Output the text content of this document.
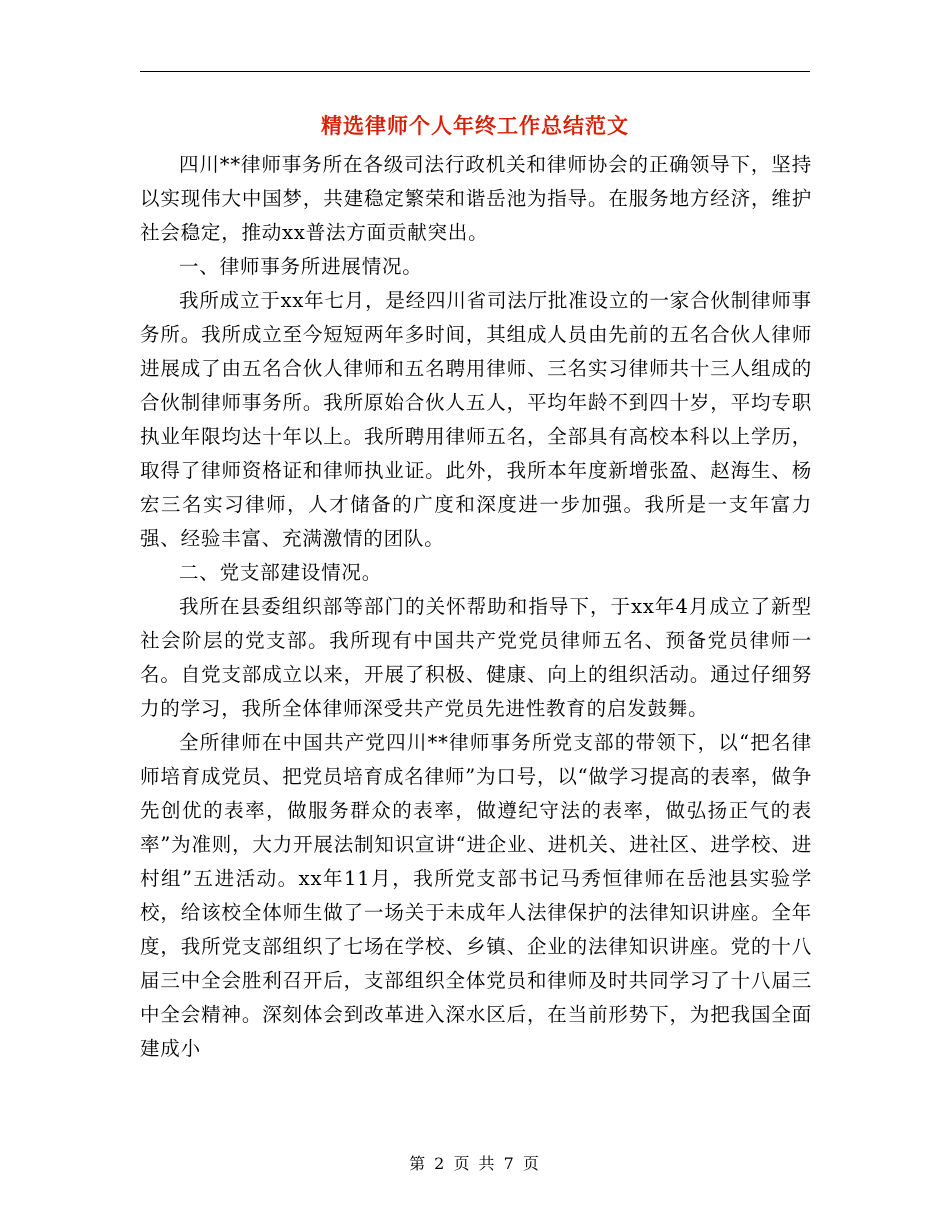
精选律师个人年终工作总结范文

四川**律师事务所在各级司法行政机关和律师协会的正确领导下，坚持以实现伟大中国梦，共建稳定繁荣和谐岳池为指导。在服务地方经济，维护社会稳定，推动xx普法方面贡献突出。

一、律师事务所进展情况。

我所成立于xx年七月，是经四川省司法厅批准设立的一家合伙制律师事务所。我所成立至今短短两年多时间，其组成人员由先前的五名合伙人律师进展成了由五名合伙人律师和五名聘用律师、三名实习律师共十三人组成的合伙制律师事务所。我所原始合伙人五人，平均年龄不到四十岁，平均专职执业年限均达十年以上。我所聘用律师五名，全部具有高校本科以上学历，取得了律师资格证和律师执业证。此外，我所本年度新增张盈、赵海生、杨宏三名实习律师，人才储备的广度和深度进一步加强。我所是一支年富力强、经验丰富、充满激情的团队。

二、党支部建设情况。

我所在县委组织部等部门的关怀帮助和指导下，于xx年4月成立了新型社会阶层的党支部。我所现有中国共产党党员律师五名、预备党员律师一名。自党支部成立以来，开展了积极、健康、向上的组织活动。通过仔细努力的学习，我所全体律师深受共产党员先进性教育的启发鼓舞。

全所律师在中国共产党四川**律师事务所党支部的带领下，以“把名律师培育成党员、把党员培育成名律师”为口号，以“做学习提高的表率，做争先创优的表率，做服务群众的表率，做遵纪守法的表率，做弘扬正气的表率”为准则，大力开展法制知识宣讲“进企业、进机关、进社区、进学校、进村组”五进活动。xx年11月，我所党支部书记马秀恒律师在岳池县实验学校，给该校全体师生做了一场关于未成年人法律保护的法律知识讲座。全年度，我所党支部组织了七场在学校、乡镇、企业的法律知识讲座。党的十八届三中全会胜利召开后，支部组织全体党员和律师及时共同学习了十八届三中全会精神。深刻体会到改革进入深水区后，在当前形势下，为把我国全面建成小

第 2 页 共 7 页
